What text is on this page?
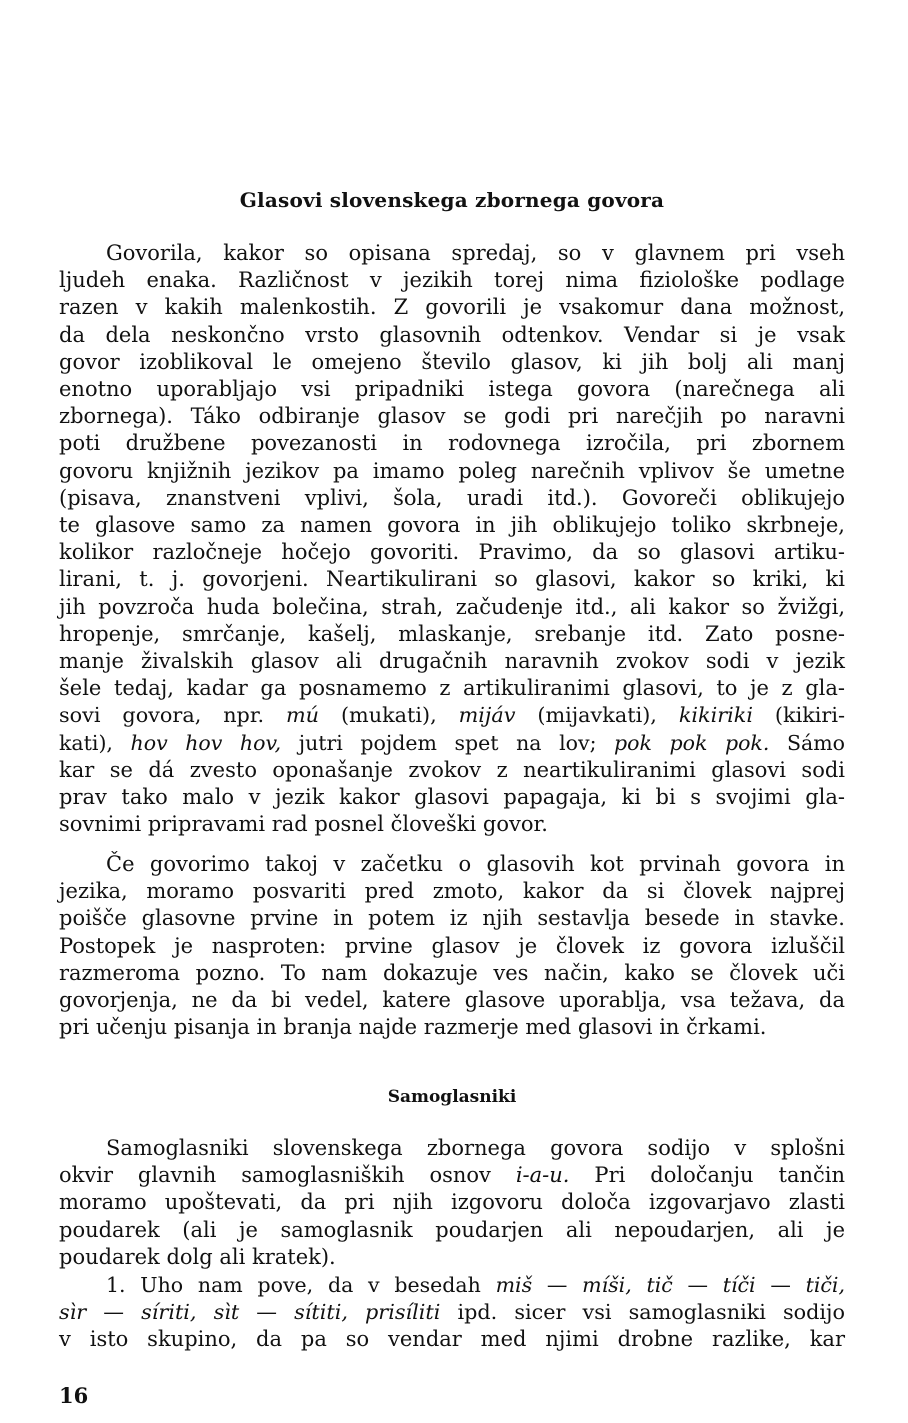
Glasovi slovenskega zbornega govora
Govorila, kakor so opisana spredaj, so v glavnem pri vseh
ljudeh enaka. Različnost v jezikih torej nima fiziološke podlage
razen v kakih malenkostih. Z govorili je vsakomur dana možnost,
da dela neskončno vrsto glasovnih odtenkov. Vendar si je vsak
govor izoblikoval le omejeno število glasov, ki jih bolj ali manj
enotno uporabljajo vsi pripadniki istega govora (narečnega ali
zbornega). Táko odbiranje glasov se godi pri narečjih po naravni
poti družbene povezanosti in rodovnega izročila, pri zbornem
govoru knjižnih jezikov pa imamo poleg narečnih vplivov še umetne
(pisava, znanstveni vplivi, šola, uradi itd.). Govoreči oblikujejo
te glasove samo za namen govora in jih oblikujejo toliko skrbneje,
kolikor razločneje hočejo govoriti. Pravimo, da so glasovi artiku-
lirani, t. j. govorjeni. Neartikulirani so glasovi, kakor so kriki, ki
jih povzroča huda bolečina, strah, začudenje itd., ali kakor so žvižgi,
hropenje, smrčanje, kašelj, mlaskanje, srebanje itd. Zato posne-
manje živalskih glasov ali drugačnih naravnih zvokov sodi v jezik
šele tedaj, kadar ga posnamemo z artikuliranimi glasovi, to je z gla-
sovi govora, npr. mú (mukati), mijáv (mijavkati), kikiriki (kikiri-
kati), hov hov hov, jutri pojdem spet na lov; pok pok pok. Sámo
kar se dá zvesto oponašanje zvokov z neartikuliranimi glasovi sodi
prav tako malo v jezik kakor glasovi papagaja, ki bi s svojimi gla-
sovnimi pripravami rad posnel človeški govor.
Če govorimo takoj v začetku o glasovih kot prvinah govora in
jezika, moramo posvariti pred zmoto, kakor da si človek najprej
poišče glasovne prvine in potem iz njih sestavlja besede in stavke.
Postopek je nasproten: prvine glasov je človek iz govora izluščil
razmeroma pozno. To nam dokazuje ves način, kako se človek uči
govorjenja, ne da bi vedel, katere glasove uporablja, vsa težava, da
pri učenju pisanja in branja najde razmerje med glasovi in črkami.
Samoglasniki
Samoglasniki slovenskega zbornega govora sodijo v splošni
okvir glavnih samoglasniških osnov i-a-u. Pri določanju tančin
moramo upoštevati, da pri njih izgovoru določa izgovarjavo zlasti
poudarek (ali je samoglasnik poudarjen ali nepoudarjen, ali je
poudarek dolg ali kratek).
1. Uho nam pove, da v besedah miš — míši, tič — tíči — tiči,
sìr — síriti, sìt — sítiti, prisíliti ipd. sicer vsi samoglasniki sodijo
v isto skupino, da pa so vendar med njimi drobne razlike, kar
16
